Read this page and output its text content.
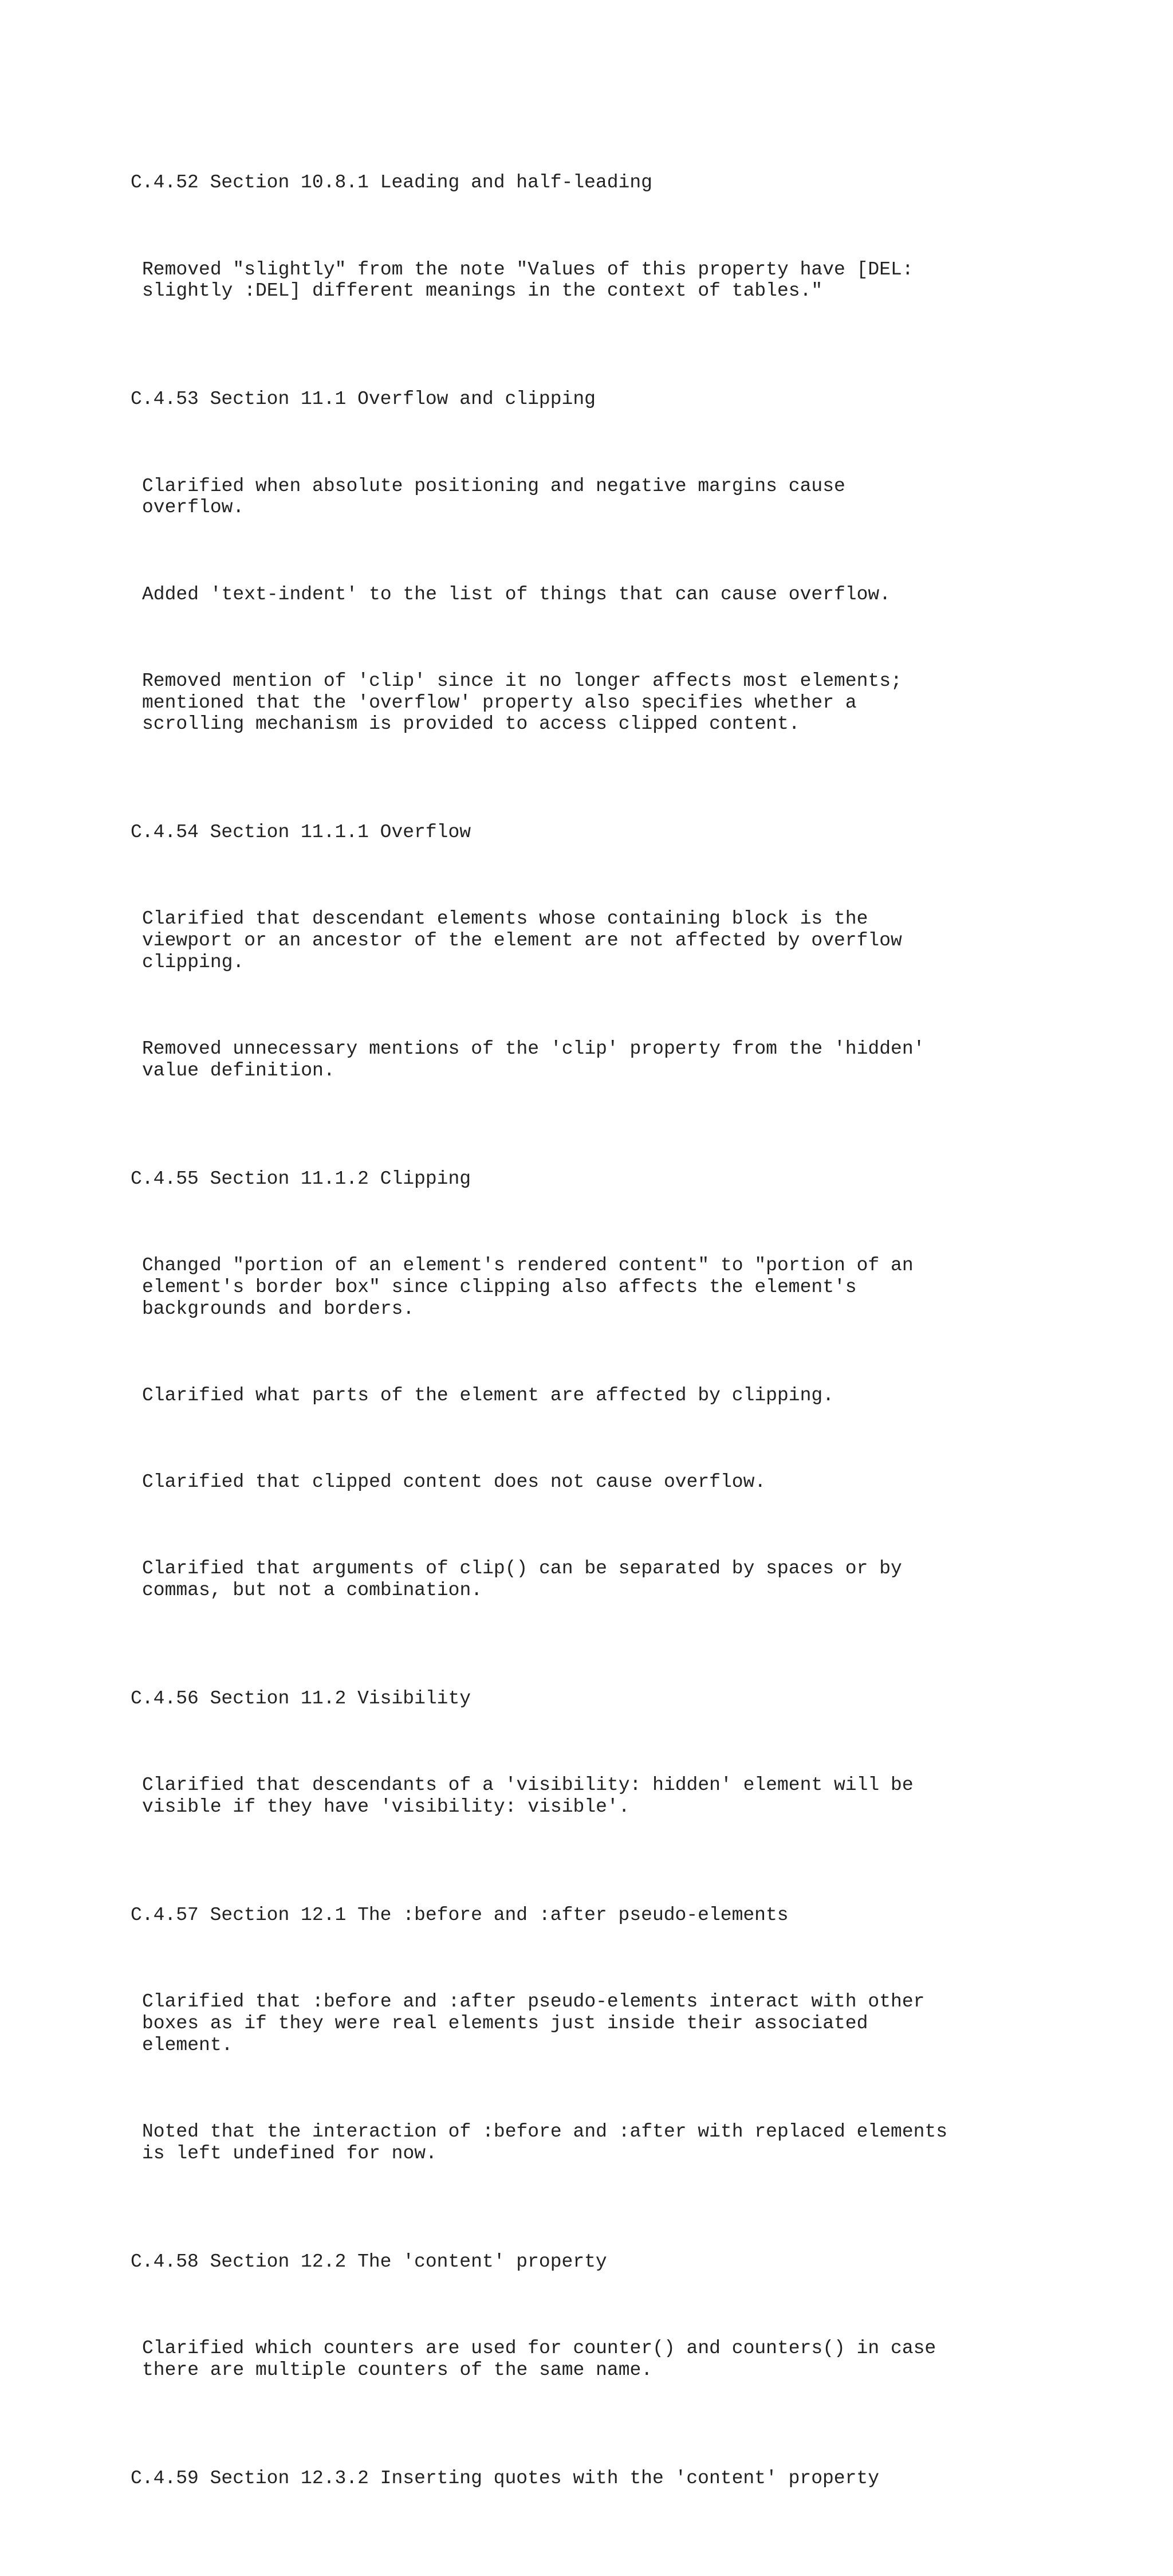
C.4.52 Section 10.8.1 Leading and half-leading

Removed "slightly" from the note "Values of this property have [DEL:
slightly :DEL] different meanings in the context of tables."

C.4.53 Section 11.1 Overflow and clipping

Clarified when absolute positioning and negative margins cause
overflow.

Added 'text-indent' to the list of things that can cause overflow.

Removed mention of 'clip' since it no longer affects most elements;
mentioned that the 'overflow' property also specifies whether a
scrolling mechanism is provided to access clipped content.

C.4.54 Section 11.1.1 Overflow

Clarified that descendant elements whose containing block is the
viewport or an ancestor of the element are not affected by overflow
clipping.

Removed unnecessary mentions of the 'clip' property from the 'hidden'
value definition.

C.4.55 Section 11.1.2 Clipping

Changed "portion of an element's rendered content" to "portion of an
element's border box" since clipping also affects the element's
backgrounds and borders.

Clarified what parts of the element are affected by clipping.

Clarified that clipped content does not cause overflow.

Clarified that arguments of clip() can be separated by spaces or by
commas, but not a combination.

C.4.56 Section 11.2 Visibility

Clarified that descendants of a 'visibility: hidden' element will be
visible if they have 'visibility: visible'.

C.4.57 Section 12.1 The :before and :after pseudo-elements

Clarified that :before and :after pseudo-elements interact with other
boxes as if they were real elements just inside their associated
element.

Noted that the interaction of :before and :after with replaced elements
is left undefined for now.

C.4.58 Section 12.2 The 'content' property

Clarified which counters are used for counter() and counters() in case
there are multiple counters of the same name.

C.4.59 Section 12.3.2 Inserting quotes with the 'content' property
